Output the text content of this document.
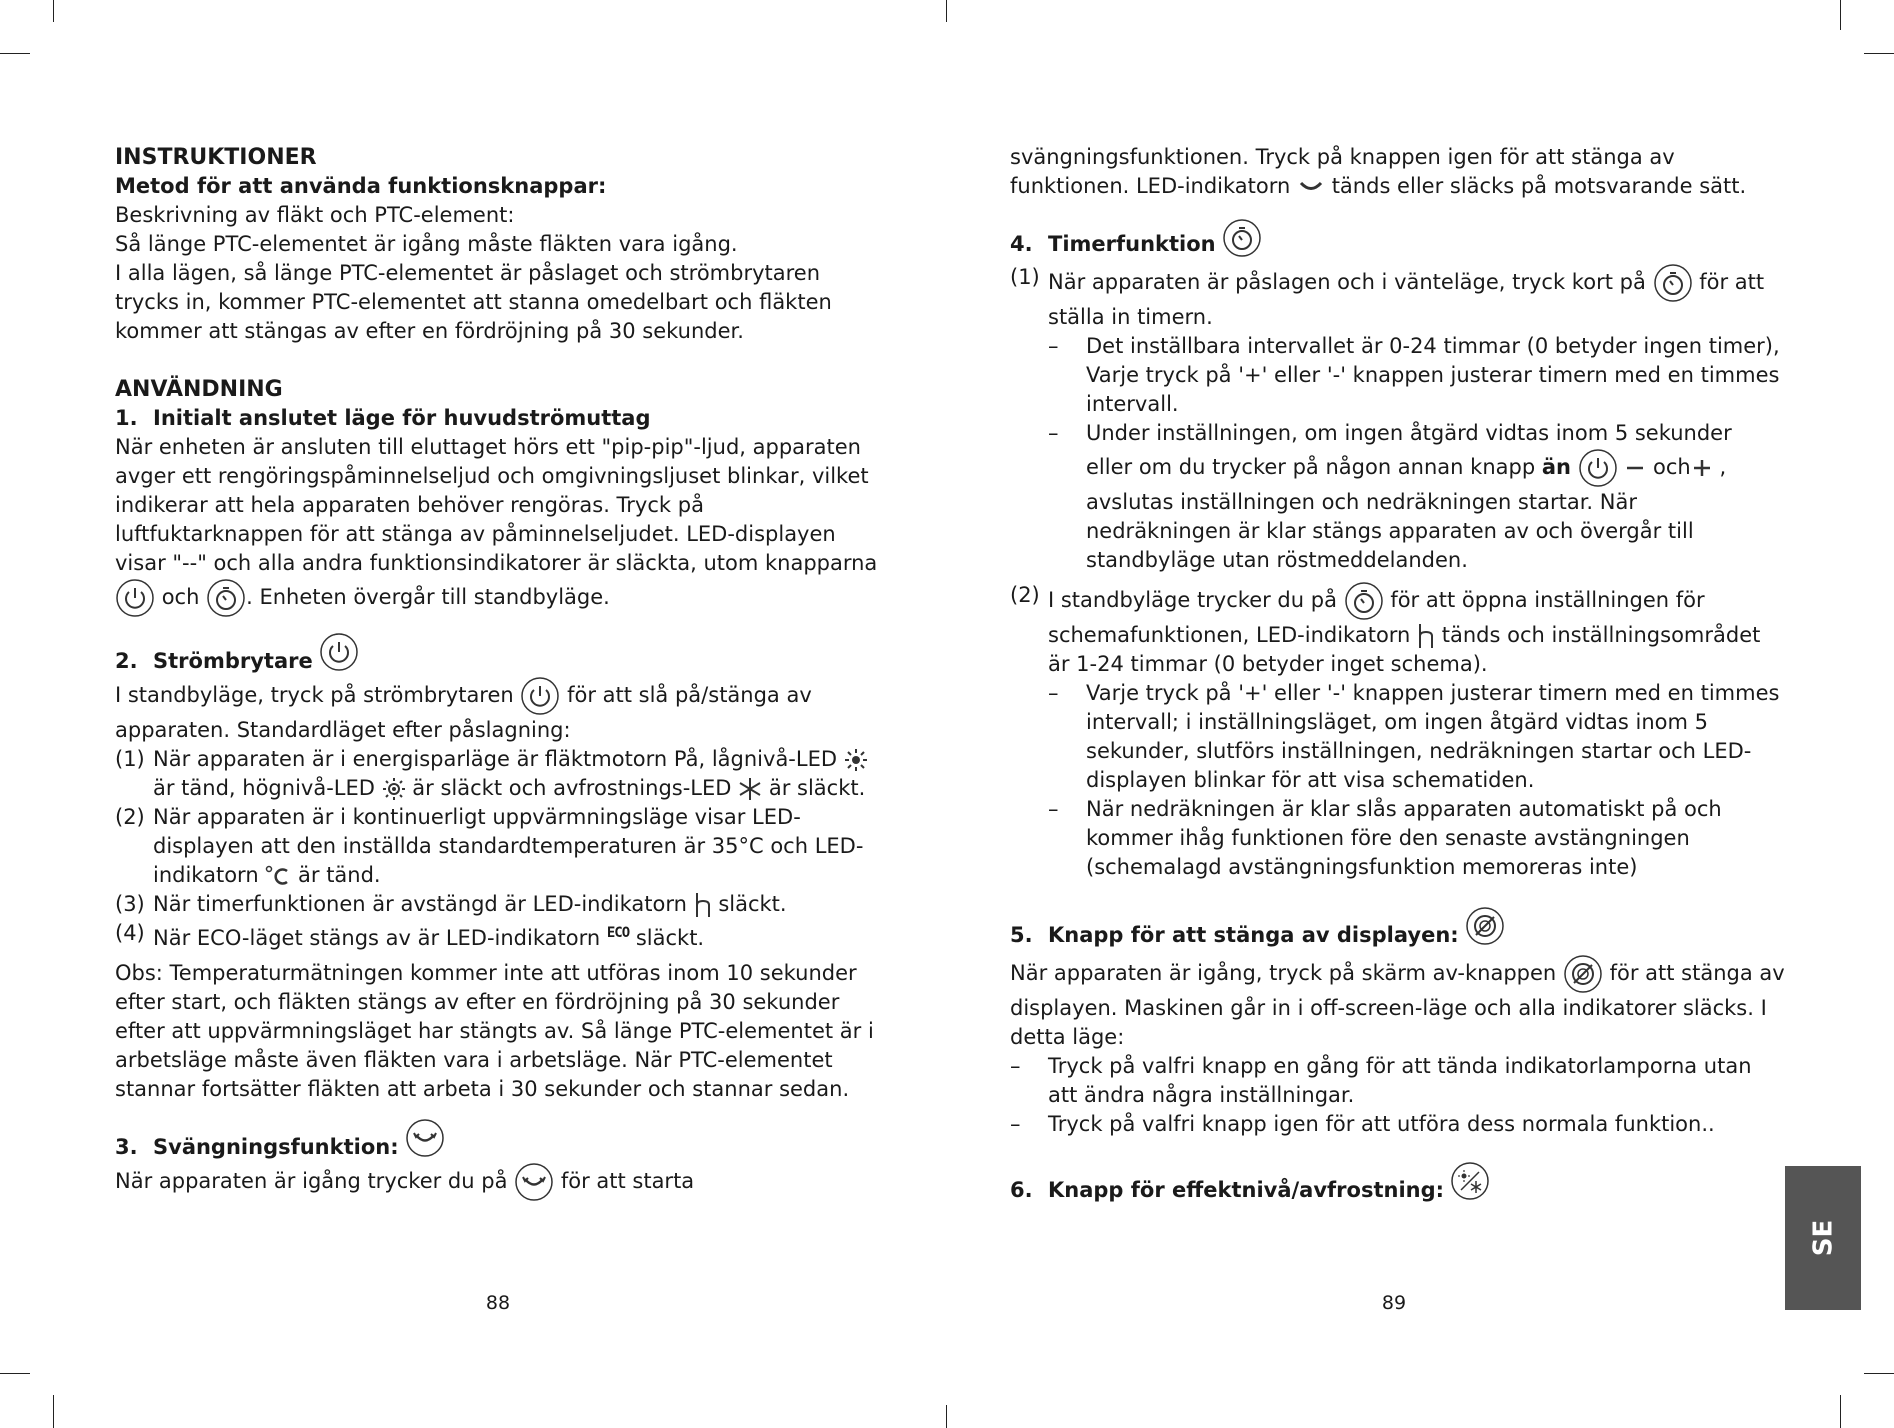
INSTRUKTIONER

Metod för att använda funktionsknappar:

Beskrivning av fläkt och PTC-element:

Så länge PTC-elementet är igång måste fläkten vara igång.

I alla lägen, så länge PTC-elementet är påslaget och strömbrytaren trycks in, kommer PTC-elementet att stanna omedelbart och fläkten kommer att stängas av efter en fördröjning på 30 sekunder.

ANVÄNDNING

1. Initialt anslutet läge för huvudströmuttag

När enheten är ansluten till eluttaget hörs ett "pip-pip"-ljud, apparaten avger ett rengöringspåminnelseljud och omgivningsljuset blinkar, vilket indikerar att hela apparaten behöver rengöras. Tryck på luftfuktarknappen för att stänga av påminnelseljudet. LED-displayen visar "--" och alla andra funktionsindikatorer är släckta, utom knapparna
och . Enheten övergår till standbyläge.

2. Strömbrytare

I standbyläge, tryck på strömbrytaren	för att slå på/stänga av apparaten. Standardläget efter påslagning:

(1) När apparaten är i energisparläge är fläktmotorn På, lågnivå-LED
är tänd, högnivå-LED är släckt och avfrostnings-LED är släckt.
(2) När apparaten är i kontinuerligt uppvärmningsläge visar LED-displayen att den inställda standardtemperaturen är 35°C och LED-indikatorn är tänd.
(3) När timerfunktionen är avstängd är LED-indikatorn släckt.
(4) När ECO-läget stängs av är LED-indikatorn $^{ECO}$ släckt.

Obs: Temperaturmätningen kommer inte att utföras inom 10 sekunder efter start, och fläkten stängs av efter en fördröjning på 30 sekunder efter att uppvärmningsläget har stängts av. Så länge PTC-elementet är i arbetsläge måste även fläkten vara i arbetsläge. När PTC-elementet stannar fortsätter fläkten att arbeta i 30 sekunder och stannar sedan.

3. Svängningsfunktion:

När apparaten är igång trycker du på	för att starta

88

svängningsfunktionen. Tryck på knappen igen för att stänga av funktionen. LED-indikatorn tänds eller släcks på motsvarande sätt.

4. Timerfunktion

(1) När apparaten är påslagen och i vänteläge, tryck kort på	för att ställa in timern.
–	Det inställbara intervallet är 0-24 timmar (0 betyder ingen timer), Varje tryck på '+' eller '-' knappen justerar timern med en timmes intervall.
–	Under inställningen, om ingen åtgärd vidtas inom 5 sekunder
eller om du trycker på någon annan knapp än
	och , avslutas inställningen och nedräkningen startar. När nedräkningen är klar stängs apparaten av och övergår till standbyläge utan röstmeddelanden.
(2) I standbyläge trycker du på	för att öppna inställningen för schemafunktionen, LED-indikatorn tänds och inställningsområdet är 1-24 timmar (0 betyder inget schema).
–	Varje tryck på '+' eller '-' knappen justerar timern med en timmes intervall; i inställningsläget, om ingen åtgärd vidtas inom 5 sekunder, slutförs inställningen, nedräkningen startar och LED-displayen blinkar för att visa schematiden.
–	När nedräkningen är klar slås apparaten automatiskt på och kommer ihåg funktionen före den senaste avstängningen (schemalagd avstängningsfunktion memoreras inte)

5. Knapp för att stänga av displayen:

När apparaten är igång, tryck på skärm av-knappen	för att stänga av displayen. Maskinen går in i off-screen-läge och alla indikatorer släcks. I detta läge:

–	Tryck på valfri knapp en gång för att tända indikatorlamporna utan att ändra några inställningar.
–	Tryck på valfri knapp igen för att utföra dess normala funktion..

6. Knapp för effektnivå/avfrostning:

89
SE
